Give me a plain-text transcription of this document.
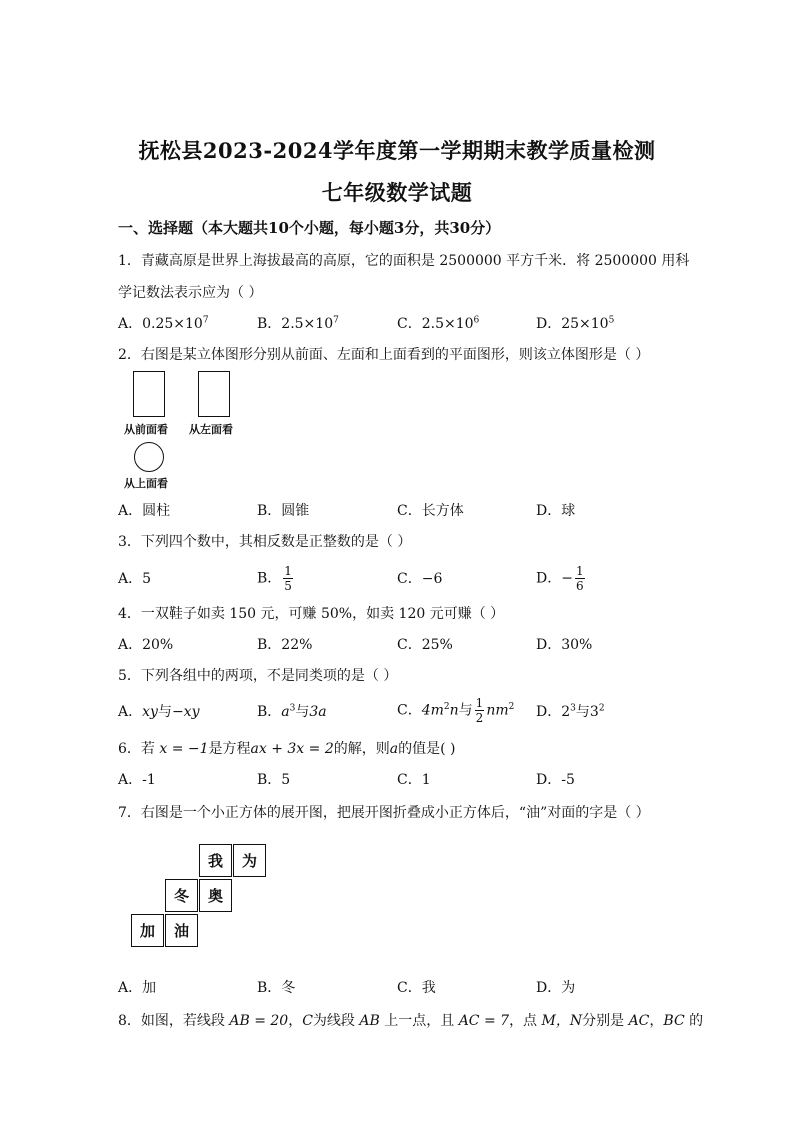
抚松县2023-2024学年度第一学期期末教学质量检测
七年级数学试题
一、选择题（本大题共10个小题，每小题3分，共30分）
1．青藏高原是世界上海拔最高的高原，它的面积是 2500000 平方千米．将 2500000 用科
学记数法表示应为（ ）
A．$0.25\times 10^7$	B．$2.5\times 10^7$	C．$2.5\times 10^6$	D．$25\times 10^5$
2．右图是某立体图形分别从前面、左面和上面看到的平面图形，则该立体图形是（ ）
从前面看 从左面看
从上面看
A．圆柱	B．圆锥	C．长方体	D．球
3．下列四个数中，其相反数是正整数的是（ ）
A．5	B． $\frac{1}{5}$	C．−6	D．− $\frac{1}{6}$
4．一双鞋子如卖 150 元，可赚 50%，如卖 120 元可赚（ ）
A．20%	B．22%	C．25%	D．30%
5．下列各组中的两项，不是同类项的是（ ）
A．xy与−xy	B．$a^3$与3a	C．$4m^2n$与 $\frac{1}{2} nm^2$ D．$2^3$与$3^2$
6．若 x = −1是方程ax + 3x = 2的解，则a的值是( )
A．-1	B．5	C．1	D．-5
7．右图是一个小正方体的展开图，把展开图折叠成小正方体后，“油”对面的字是（ ）
我	为
冬	奥
加	油
A．加	B．冬	C．我	D．为
8．如图，若线段 AB = 20，C为线段 AB 上一点，且 AC = 7，点 M，N分别是 AC，BC 的
